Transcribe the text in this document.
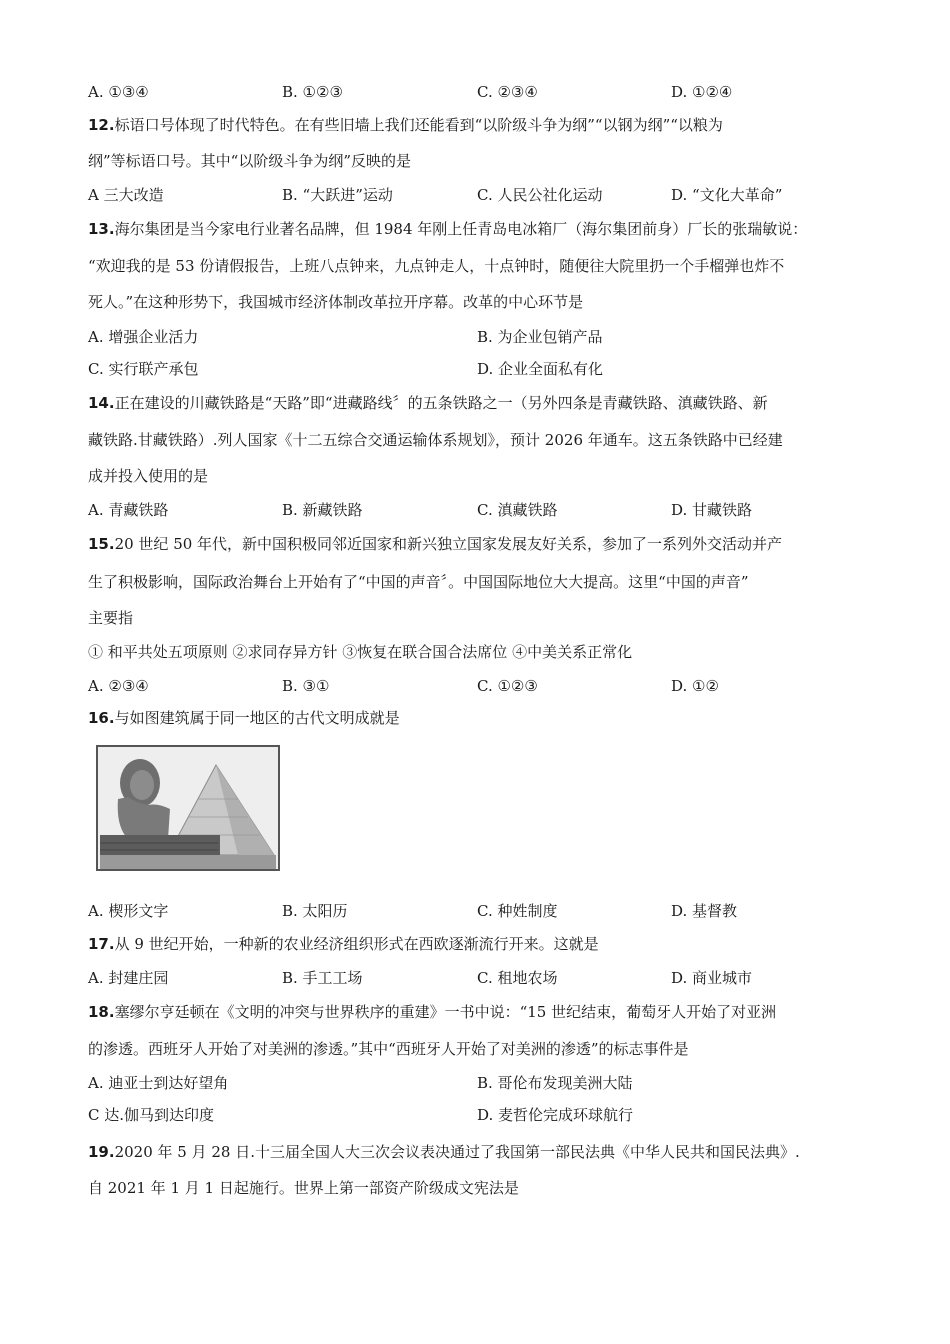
A. ①③④	B. ①②③	C. ②③④	D. ①②④
12.标语口号体现了时代特色。在有些旧墙上我们还能看到“以阶级斗争为纲”“以钢为纲”“以粮为
纲”等标语口号。其中“以阶级斗争为纲”反映的是
A 三大改造	B. “大跃进”运动	C. 人民公社化运动	D. “文化大革命”
13.海尔集团是当今家电行业著名品牌，但 1984 年刚上任青岛电冰箱厂（海尔集团前身）厂长的张瑞敏说：
“欢迎我的是 53 份请假报告，上班八点钟来，九点钟走人，十点钟时，随便往大院里扔一个手榴弹也炸不
死人。”在这种形势下，我国城市经济体制改革拉开序幕。改革的中心环节是
A. 增强企业活力	B. 为企业包销产品
C. 实行联产承包	D. 企业全面私有化
14.正在建设的川藏铁路是“天路”即“进藏路线〞的五条铁路之一（另外四条是青藏铁路、滇藏铁路、新
藏铁路.甘藏铁路）.列人国家《十二五综合交通运输体系规划》，预计 2026 年通车。这五条铁路中已经建
成并投入使用的是
A. 青藏铁路	B. 新藏铁路	C. 滇藏铁路	D. 甘藏铁路
15.20 世纪 50 年代，新中国积极同邻近国家和新兴独立国家发展友好关系，参加了一系列外交活动并产
生了积极影响，国际政治舞台上开始有了“中国的声音〞。中国国际地位大大提高。这里“中国的声音”
主要指
① 和平共处五项原则 ②求同存异方针 ③恢复在联合国合法席位 ④中美关系正常化
A. ②③④	B. ③①	C. ①②③	D. ①②
16.与如图建筑属于同一地区的古代文明成就是
A. 楔形文字	B. 太阳历	C. 种姓制度	D. 基督教
17.从 9 世纪开始，一种新的农业经济组织形式在西欧逐渐流行开来。这就是
A. 封建庄园	B. 手工工场	C. 租地农场	D. 商业城市
18.塞缪尔亨廷顿在《文明的冲突与世界秩序的重建》一书中说：“15 世纪结束，葡萄牙人开始了对亚洲
的渗透。西班牙人开始了对美洲的渗透。”其中“西班牙人开始了对美洲的渗透”的标志事件是
A. 迪亚士到达好望角	B. 哥伦布发现美洲大陆
C 达.伽马到达印度	D. 麦哲伦完成环球航行
19.2020 年 5 月 28 日.十三届全国人大三次会议表决通过了我国第一部民法典《中华人民共和国民法典》.
自 2021 年 1 月 1 日起施行。世界上第一部资产阶级成文宪法是
